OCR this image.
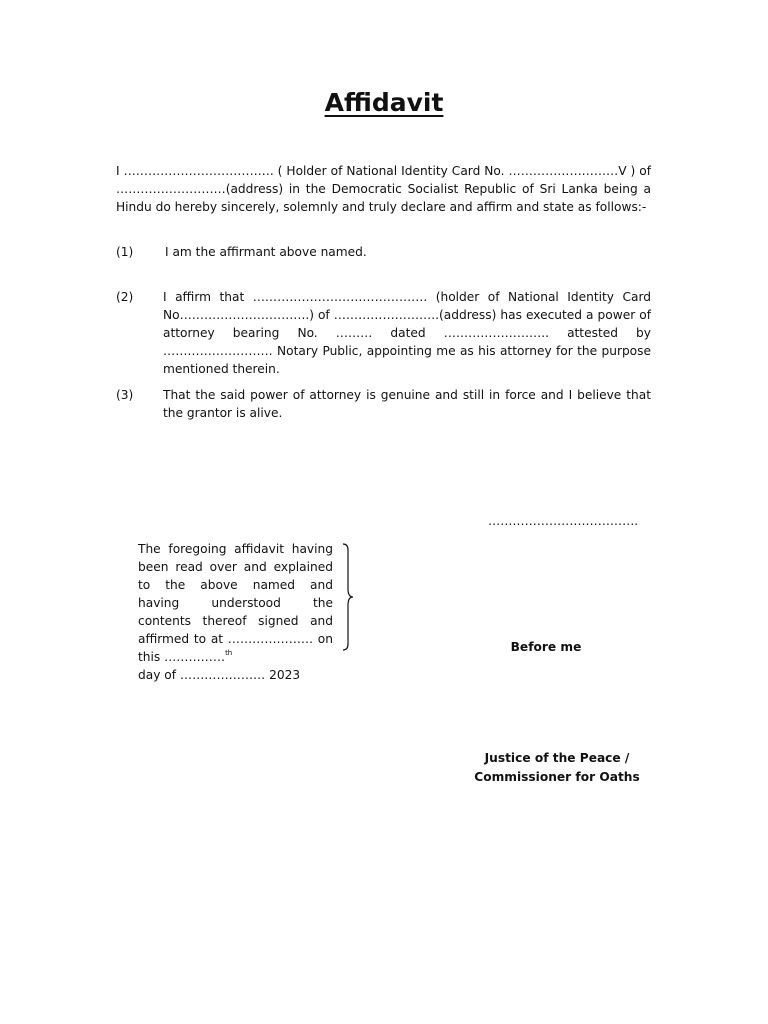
Affidavit

I ………………………………. ( Holder of National Identity Card No. ………………………V ) of ………………………(address) in the Democratic Socialist Republic of Sri Lanka being a Hindu do hereby sincerely, solemnly and truly declare and affirm and state as follows:-

(1)	I am the affirmant above named.

(2) I affirm that ……………………………………. (holder of National Identity Card No…………………………..) of ……………………..(address) has executed a power of attorney bearing No. ……… dated …………………….. attested by ……………………… Notary Public, appointing me as his attorney for the purpose mentioned therein.

(3) That the said power of attorney is genuine and still in force and I believe that the grantor is alive.

……………………………….

The foregoing affidavit having been read over and explained to the above named and having understood the contents thereof signed and affirmed to at ………………… on this ……………$^{th}$
day of ………………… 2023

Before me
Justice of the Peace /
Commissioner for Oaths
